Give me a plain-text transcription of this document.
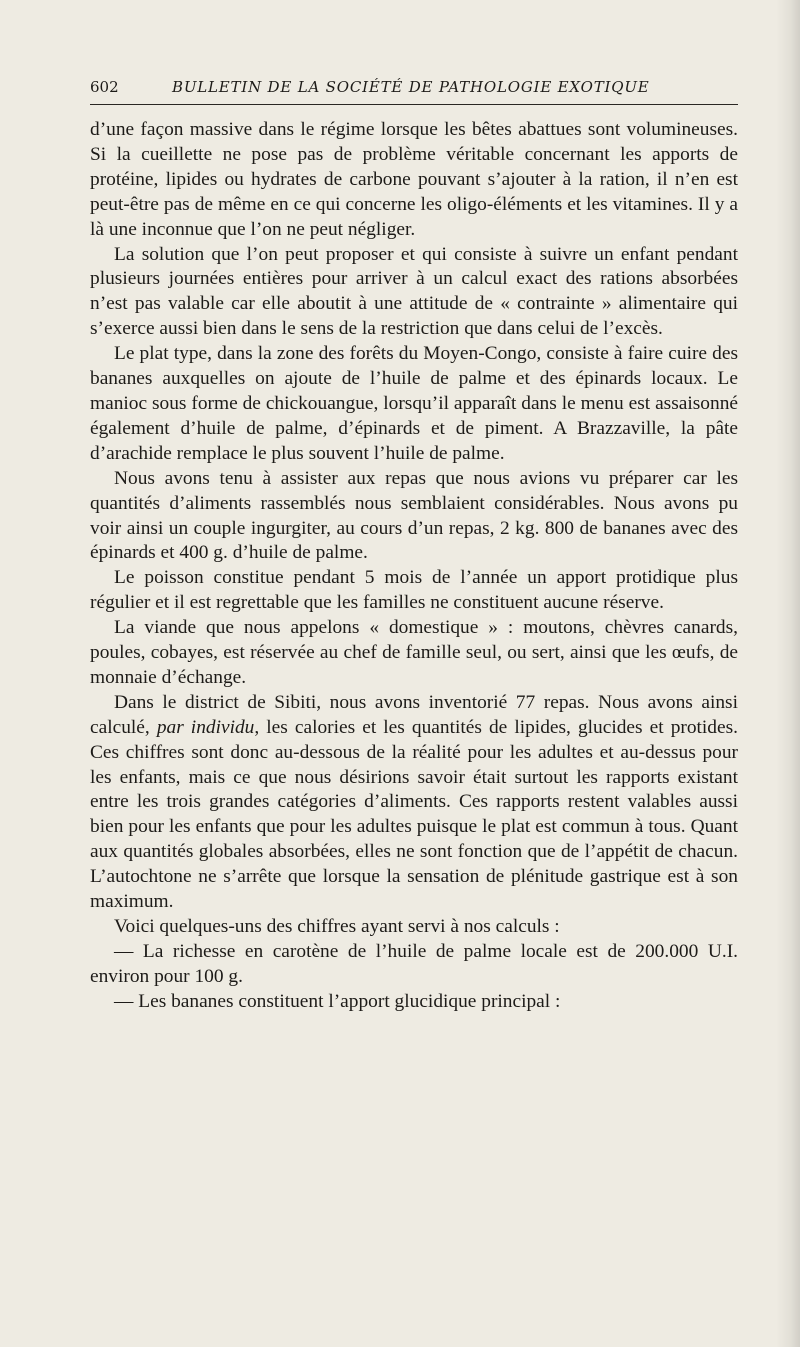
602	BULLETIN DE LA SOCIÉTÉ DE PATHOLOGIE EXOTIQUE

d’une façon massive dans le régime lorsque les bêtes abattues sont volumineuses. Si la cueillette ne pose pas de problème véritable concernant les apports de protéine, lipides ou hydrates de carbone pouvant s’ajouter à la ration, il n’en est peut-être pas de même en ce qui concerne les oligo-éléments et les vitamines. Il y a là une inconnue que l’on ne peut négliger.

La solution que l’on peut proposer et qui consiste à suivre un enfant pendant plusieurs journées entières pour arriver à un calcul exact des rations absorbées n’est pas valable car elle aboutit à une attitude de « contrainte » alimentaire qui s’exerce aussi bien dans le sens de la restriction que dans celui de l’excès.

Le plat type, dans la zone des forêts du Moyen-Congo, consiste à faire cuire des bananes auxquelles on ajoute de l’huile de palme et des épinards locaux. Le manioc sous forme de chickouangue, lorsqu’il apparaît dans le menu est assaisonné également d’huile de palme, d’épinards et de piment. A Brazzaville, la pâte d’arachide remplace le plus souvent l’huile de palme.

Nous avons tenu à assister aux repas que nous avions vu préparer car les quantités d’aliments rassemblés nous semblaient considérables. Nous avons pu voir ainsi un couple ingurgiter, au cours d’un repas, 2 kg. 800 de bananes avec des épinards et 400 g. d’huile de palme.

Le poisson constitue pendant 5 mois de l’année un apport protidique plus régulier et il est regrettable que les familles ne constituent aucune réserve.

La viande que nous appelons « domestique » : moutons, chèvres canards, poules, cobayes, est réservée au chef de famille seul, ou sert, ainsi que les œufs, de monnaie d’échange.

Dans le district de Sibiti, nous avons inventorié 77 repas. Nous avons ainsi calculé, par individu, les calories et les quantités de lipides, glucides et protides. Ces chiffres sont donc au-dessous de la réalité pour les adultes et au-dessus pour les enfants, mais ce que nous désirions savoir était surtout les rapports existant entre les trois grandes catégories d’aliments. Ces rapports restent valables aussi bien pour les enfants que pour les adultes puisque le plat est commun à tous. Quant aux quantités globales absorbées, elles ne sont fonction que de l’appétit de chacun. L’autochtone ne s’arrête que lorsque la sensation de plénitude gastrique est à son maximum.

Voici quelques-uns des chiffres ayant servi à nos calculs :

— La richesse en carotène de l’huile de palme locale est de 200.000 U.I. environ pour 100 g.

— Les bananes constituent l’apport glucidique principal :
